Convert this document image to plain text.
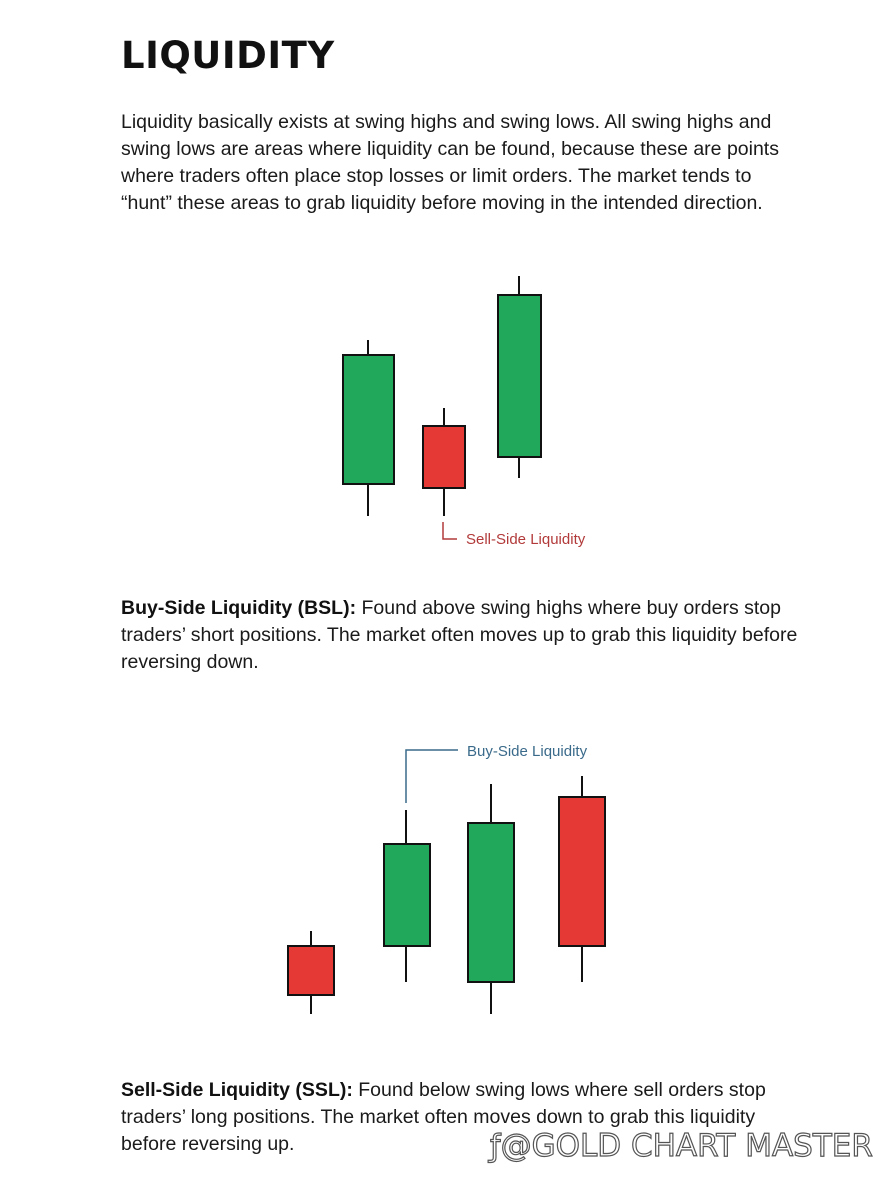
LIQUIDITY

Liquidity basically exists at swing highs and swing lows. All swing highs and swing lows are areas where liquidity can be found, because these are points where traders often place stop losses or limit orders. The market tends to “hunt” these areas to grab liquidity before moving in the intended direction.

Sell-Side Liquidity

Buy-Side Liquidity (BSL): Found above swing highs where buy orders stop traders’ short positions. The market often moves up to grab this liquidity before reversing down.

Buy-Side Liquidity

Sell-Side Liquidity (SSL): Found below swing lows where sell orders stop traders’ long positions. The market often moves down to grab this liquidity before reversing up.	ƒ@GOLD CHART MASTER
